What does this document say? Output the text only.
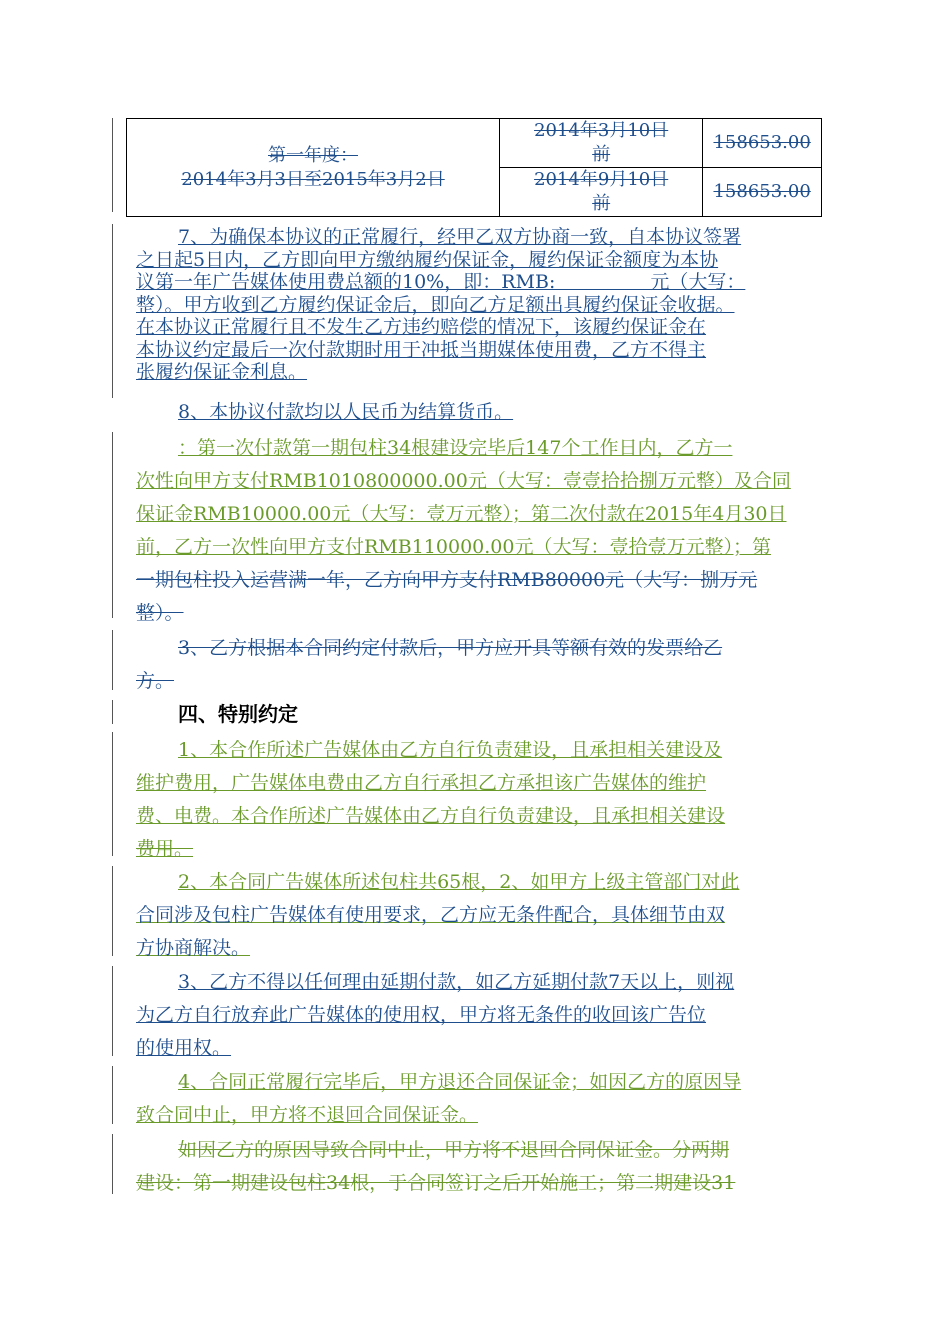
第一年度：
2014年3月3日至2015年3月2日	2014年3月10日
前	158653.00

	2014年9月10日
前	158653.00
7、为确保本协议的正常履行，经甲乙双方协商一致，自本协议签署
之日起5日内，乙方即向甲方缴纳履约保证金，履约保证金额度为本协
议第一年广告媒体使用费总额的10%，即：RMB:　　　　　元（大写：
整）。甲方收到乙方履约保证金后，即向乙方足额出具履约保证金收据。
在本协议正常履行且不发生乙方违约赔偿的情况下，该履约保证金在
本协议约定最后一次付款期时用于冲抵当期媒体使用费，乙方不得主
张履约保证金利息。
8、本协议付款均以人民币为结算货币。
：第一次付款第一期包柱34根建设完毕后147个工作日内，乙方一
次性向甲方支付RMB1010800000.00元（大写：壹壹拾拾捌万元整）及合同
保证金RMB10000.00元（大写：壹万元整）；第二次付款在2015年4月30日
前，乙方一次性向甲方支付RMB110000.00元（大写：壹拾壹万元整）；第
一期包柱投入运营满一年，乙方向甲方支付RMB80000元（大写：捌万元
整）。
3、乙方根据本合同约定付款后，甲方应开具等额有效的发票给乙
方。
四、特别约定
1、本合作所述广告媒体由乙方自行负责建设，且承担相关建设及
维护费用，广告媒体电费由乙方自行承担乙方承担该广告媒体的维护
费、电费。本合作所述广告媒体由乙方自行负责建设，且承担相关建设
费用。
2、本合同广告媒体所述包柱共65根，2、如甲方上级主管部门对此
合同涉及包柱广告媒体有使用要求，乙方应无条件配合，具体细节由双
方协商解决。
3、乙方不得以任何理由延期付款，如乙方延期付款7天以上，则视
为乙方自行放弃此广告媒体的使用权，甲方将无条件的收回该广告位
的使用权。
4、合同正常履行完毕后，甲方退还合同保证金；如因乙方的原因导
致合同中止，甲方将不退回合同保证金。
如因乙方的原因导致合同中止，甲方将不退回合同保证金。分两期
建设：第一期建设包柱34根，于合同签订之后开始施工；第二期建设31
